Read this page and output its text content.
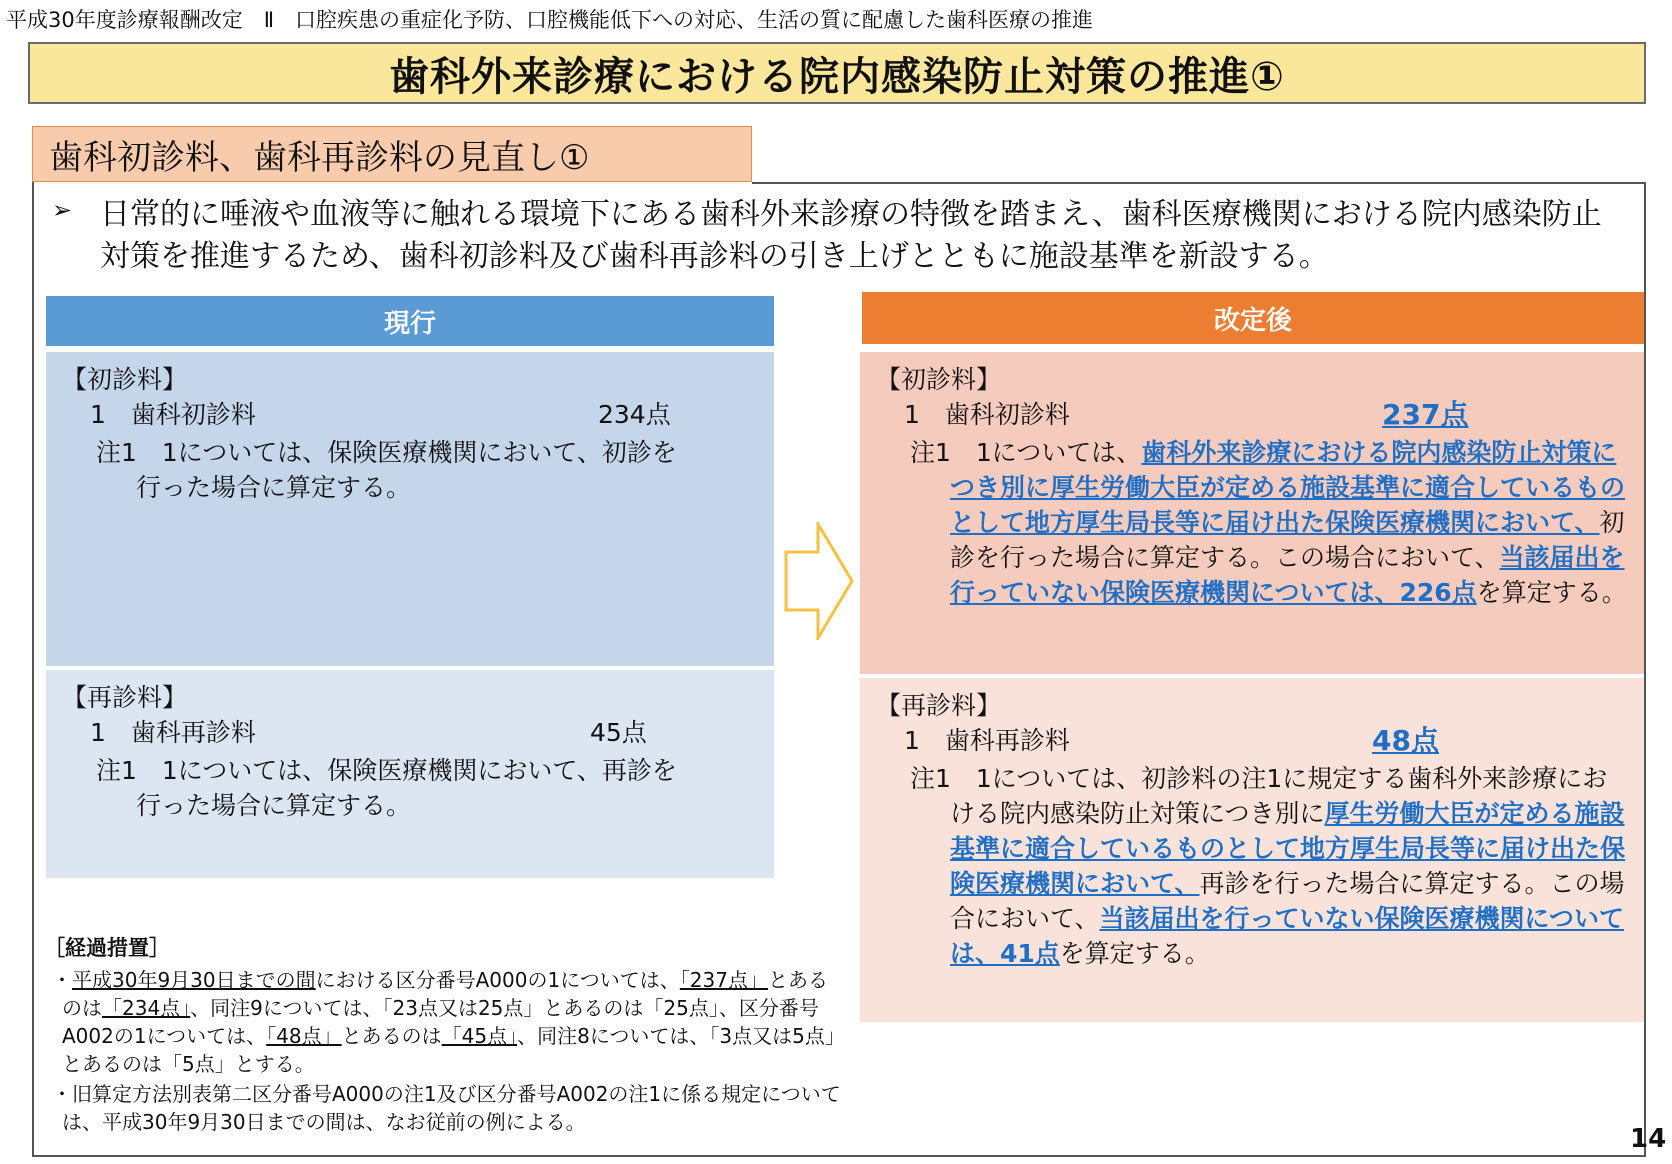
平成30年度診療報酬改定　Ⅱ　口腔疾患の重症化予防、口腔機能低下への対応、生活の質に配慮した歯科医療の推進
歯科外来診療における院内感染防止対策の推進①
歯科初診料、歯科再診料の見直し①
➢ 日常的に唾液や血液等に触れる環境下にある歯科外来診療の特徴を踏まえ、歯科医療機関における院内感染防止対策を推進するため、歯科初診料及び歯科再診料の引き上げとともに施設基準を新設する。
現行
【初診料】
1　歯科初診料	234点
注1　1については、保険医療機関において、初診を
行った場合に算定する。
【再診料】
1　歯科再診料	45点
注1　1については、保険医療機関において、再診を
行った場合に算定する。
改定後
【初診料】
1　歯科初診料	237点
注1　1については、歯科外来診療における院内感染防止対策につき別に厚生労働大臣が定める施設基準に適合しているものとして地方厚生局長等に届け出た保険医療機関において、初診を行った場合に算定する。この場合において、当該届出を行っていない保険医療機関については、226点を算定する。
【再診料】
1　歯科再診料	48点
注1　1については、初診料の注1に規定する歯科外来診療における院内感染防止対策につき別に厚生労働大臣が定める施設基準に適合しているものとして地方厚生局長等に届け出た保険医療機関において、再診を行った場合に算定する。この場合において、当該届出を行っていない保険医療機関については、41点を算定する。
［経過措置］
・平成30年9月30日までの間における区分番号A000の1については、「237点」とあるのは「234点」、同注9については、「23点又は25点」とあるのは「25点」、区分番号A002の1については、「48点」とあるのは「45点」、同注8については、「3点又は5点」とあるのは「5点」とする。
・旧算定方法別表第二区分番号A000の注1及び区分番号A002の注1に係る規定については、平成30年9月30日までの間は、なお従前の例による。
14
